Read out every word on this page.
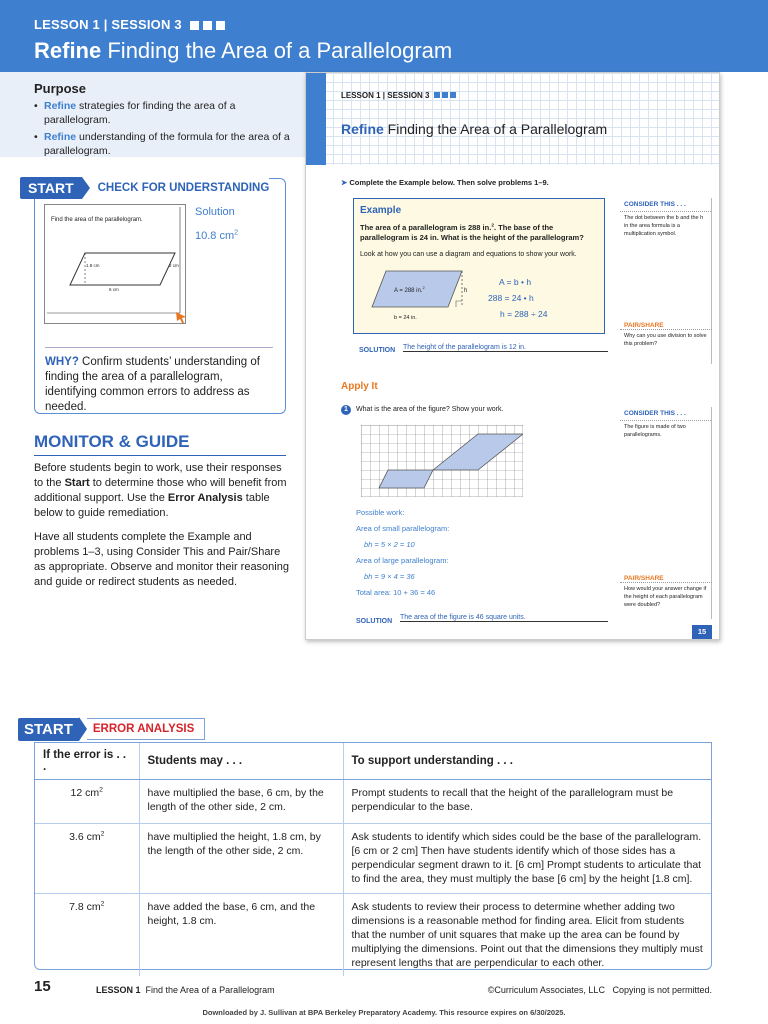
LESSON 1 | SESSION 3
Refine Finding the Area of a Parallelogram
Purpose
• Refine strategies for finding the area of a parallelogram.
• Refine understanding of the formula for the area of a parallelogram.
START	CHECK FOR UNDERSTANDING
Find the area of the parallelogram.
1.8 cm	2 cm
6 cm
Solution
10.8 $cm^2$
WHY? Confirm students’ understanding of finding the area of a parallelogram, identifying common errors to address as needed.
MONITOR & GUIDE
Before students begin to work, use their responses to the Start to determine those who will benefit from additional support. Use the Error Analysis table below to guide remediation.
Have all students complete the Example and problems 1–3, using Consider This and Pair/Share as appropriate. Observe and monitor their reasoning and guide or redirect students as needed.
LESSON 1 | SESSION 3
Refine Finding the Area of a Parallelogram
➤ Complete the Example below. Then solve problems 1–9.
Example
The area of a parallelogram is 288 in.$^2$. The base of the parallelogram is 24 in. What is the height of the parallelogram?
Look at how you can use a diagram and equations to show your work.
A = 288 in.$^2$
h
b = 24 in.
A = b • h
288 = 24 • h
h = 288 ÷ 24
SOLUTION The height of the parallelogram is 12 in.
CONSIDER THIS . . .
The dot between the b and the h in the area formula is a multiplication symbol.
PAIR/SHARE
Why can you use division to solve this problem?
Apply It
1	What is the area of the figure? Show your work.
Possible work:
Area of small parallelogram:
bh = 5 × 2 = 10
Area of large parallelogram:
bh = 9 × 4 = 36
Total area: 10 + 36 = 46
CONSIDER THIS . . .
The figure is made of two parallelograms.
PAIR/SHARE
How would your answer change if the height of each parallelogram were doubled?
SOLUTION
The area of the figure is 46 square units.
15
START	ERROR ANALYSIS
If the error is . . .	Students may . . .	To support understanding . . .
12 $cm^2$	have multiplied the base, 6 cm, by the length of the other side, 2 cm.	Prompt students to recall that the height of the parallelogram must be perpendicular to the base.
3.6 $cm^2$	have multiplied the height, 1.8 cm, by the length of the other side, 2 cm.	Ask students to identify which sides could be the base of the parallelogram. [6 cm or 2 cm] Then have students identify which of those sides has a perpendicular segment drawn to it. [6 cm] Prompt students to articulate that to find the area, they must multiply the base [6 cm] by the height [1.8 cm].
7.8 $cm^2$	have added the base, 6 cm, and the height, 1.8 cm.	Ask students to review their process to determine whether adding two dimensions is a reasonable method for finding area. Elicit from students that the number of unit squares that make up the area can be found by multiplying the dimensions. Point out that the dimensions they multiply must represent lengths that are perpendicular to each other.
15	LESSON 1 Find the Area of a Parallelogram	©Curriculum Associates, LLC   Copying is not permitted.
Downloaded by J. Sullivan at BPA Berkeley Preparatory Academy. This resource expires on 6/30/2025.
